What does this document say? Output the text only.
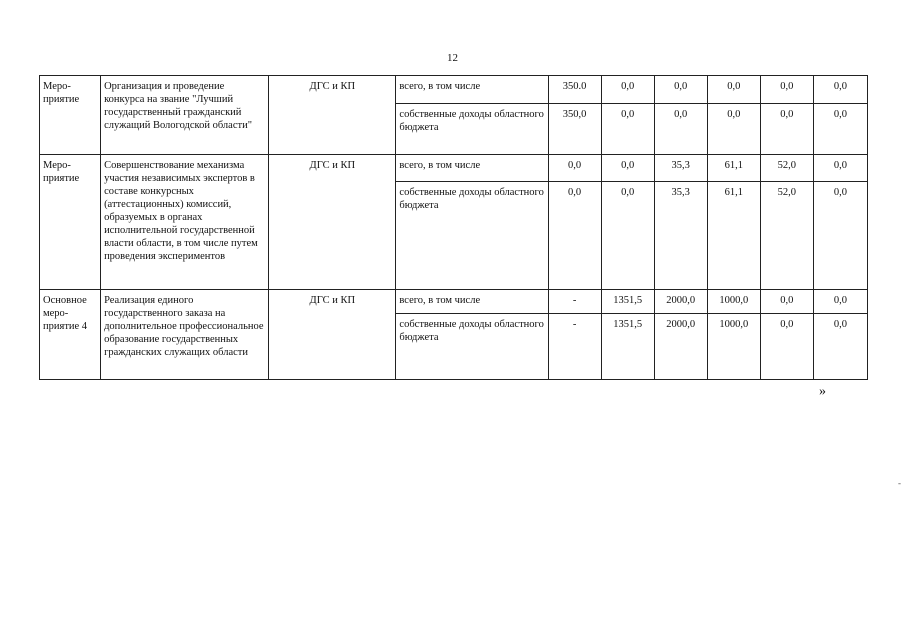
12
Меро-
приятие	Организация и проведение конкурса на звание "Лучший государственный гражданский служащий Вологодской области"	ДГС и КП	всего, в том числе	350.0	0,0	0,0	0,0	0,0	0,0
			собственные доходы областного бюджета	350,0	0,0	0,0	0,0	0,0	0,0
Меро-
приятие	Совершенствование механизма участия независимых экспертов в составе конкурсных (аттестационных) комиссий, образуемых в органах исполнительной государственной власти области, в том числе путем проведения экспериментов	ДГС и КП	всего, в том числе	0,0	0,0	35,3	61,1	52,0	0,0
			собственные доходы областного бюджета	0,0	0,0	35,3	61,1	52,0	0,0
Основное
меро-
приятие 4	Реализация единого государственного заказа на дополнительное профессиональное образование государственных гражданских служащих области	ДГС и КП	всего, в том числе	-	1351,5	2000,0	1000,0	0,0	0,0
			собственные доходы областного бюджета	-	1351,5	2000,0	1000,0	0,0	0,0
»
-
